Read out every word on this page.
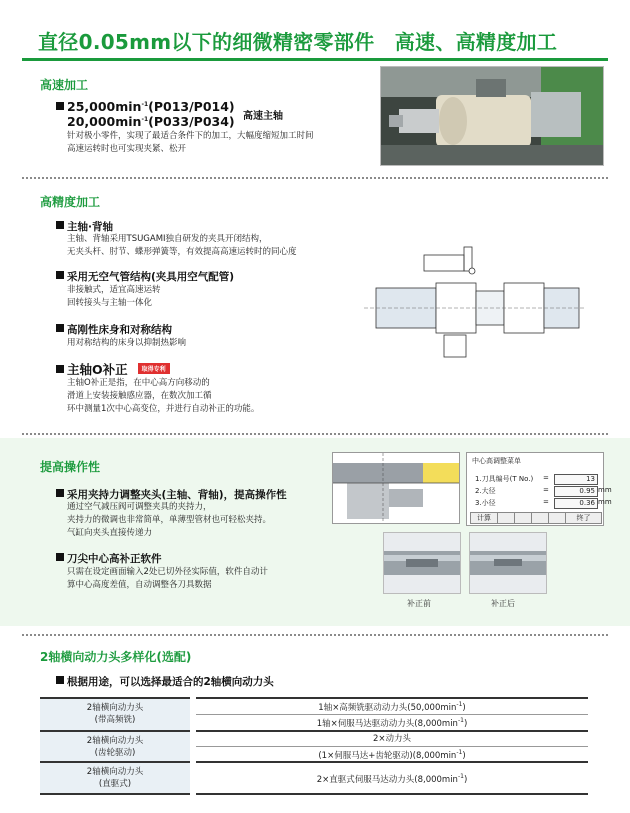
直径0.05mm以下的细微精密零部件　高速、高精度加工
高速加工
$25,000\min^{-1}(P013/P014)$
$20,000\min^{-1}(P033/P034)$ 高速主轴
针对极小零件，实现了最适合条件下的加工，大幅度缩短加工时间
高速运转时也可实现夹紧、松开
高精度加工
主轴·背轴
主轴、背轴采用TSUGAMI独自研发的夹具开闭结构，
无夹头杆、肘节、蝶形弹簧等，有效提高高速运转时的同心度
采用无空气管结构(夹具用空气配管)
非接触式，适宜高速运转
回转接头与主轴一体化
高刚性床身和对称结构
用对称结构的床身以抑制热影响
主轴O补正 取得专利
主轴O补正是指，在中心高方向移动的
滑道上安装接触感应器，在数次加工循
环中测量1次中心高变位，并进行自动补正的功能。
提高操作性
采用夹持力调整夹头(主轴、背轴)，提高操作性
通过空气减压阀可调整夹具的夹持力，
夹持力的微调也非常简单，单薄型管材也可轻松夹持。
气缸向夹头直接传递力
刀尖中心高补正软件
只需在设定画面输入2处已切外径实际值，软件自动计
算中心高度差值，自动调整各刀具数据
中心高调整菜单
1.刀具编号(T No.) =	13
2.大径	=	0.95 mm
3.小径	=	0.36 mm
计算	终了
补正前	补正后
2轴横向动力头多样化(选配)
根据用途，可以选择最适合的2轴横向动力头
2轴横向动力头
(带高频铣)	1轴×高频铣驱动动力头$(50,000\min^{-1})$
	1轴×伺服马达驱动动力头$(8,000\min^{-1})$
2轴横向动力头
(齿轮驱动)	2×动力头
	(1×伺服马达+齿轮驱动)$(8,000\min^{-1})$
2轴横向动力头
(直驱式)	2×直驱式伺服马达动力头$(8,000\min^{-1})$
